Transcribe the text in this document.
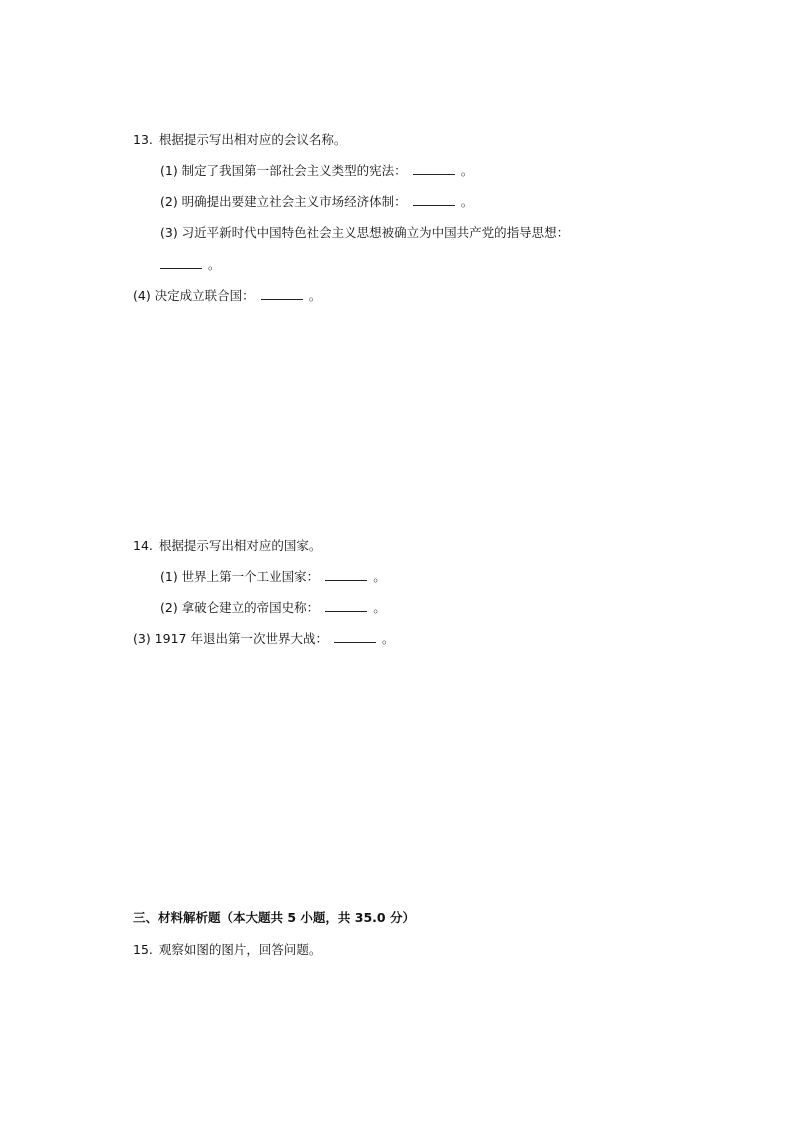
13. 根据提示写出相对应的会议名称。
(1) 制定了我国第一部社会主义类型的宪法：	。
(2) 明确提出要建立社会主义市场经济体制：	。
(3) 习近平新时代中国特色社会主义思想被确立为中国共产党的指导思想：
。
(4) 决定成立联合国：	。
14. 根据提示写出相对应的国家。
(1) 世界上第一个工业国家：	。
(2) 拿破仑建立的帝国史称：	。
(3) 1917 年退出第一次世界大战：	。
三、材料解析题（本大题共 5 小题，共 35.0 分）
15. 观察如图的图片，回答问题。
